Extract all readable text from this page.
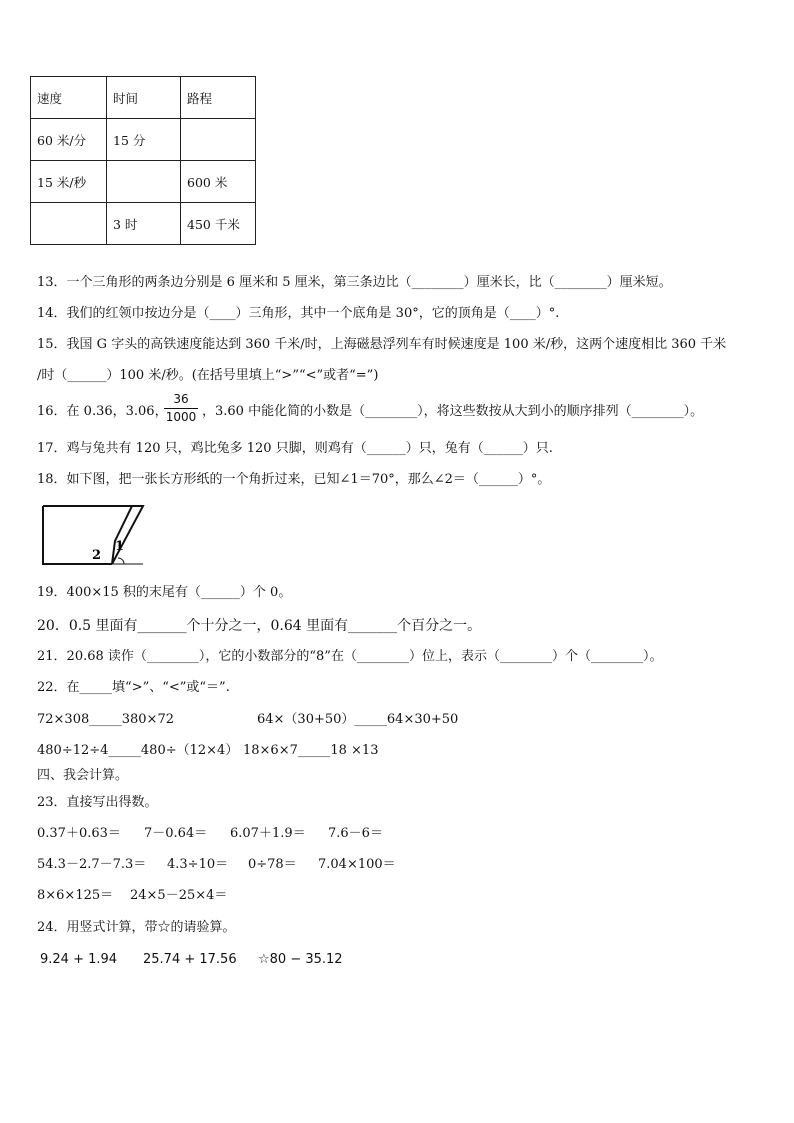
速度	时间	路程
60 米/分	15 分	
15 米/秒		600 米
	3 时	450 千米
13．一个三角形的两条边分别是 6 厘米和 5 厘米，第三条边比（________）厘米长，比（________）厘米短。
14．我们的红领巾按边分是（____）三角形，其中一个底角是 30°，它的顶角是（____）°.
15．我国 G 字头的高铁速度能达到 360 千米/时，上海磁悬浮列车有时候速度是 100 米/秒，这两个速度相比 360 千米
/时（______）100 米/秒。(在括号里填上“>”“<”或者“=”)
16．在 0.36，3.06，
36
1000 ，3.60 中能化简的小数是（________），将这些数按从大到小的顺序排列（________）。
17．鸡与兔共有 120 只，鸡比兔多 120 只脚，则鸡有（______）只，兔有（______）只.
18．如下图，把一张长方形纸的一个角折过来，已知∠1＝70°，那么∠2＝（______）°。
1
2
19．400×15 积的末尾有（______）个 0。
20．0.5 里面有_______个十分之一，0.64 里面有_______个百分之一。
21．20.68 读作（________），它的小数部分的“8”在（________）位上，表示（________）个（________）。
22．在_____填“>”、“<”或“＝”.
72×308_____380×72	64×（30+50）_____64×30+50
480÷12÷4_____480÷（12×4） 18×6×7_____18 ×13
四、我会计算。
23．直接写出得数。
0.37＋0.63＝ 7－0.64＝ 6.07＋1.9＝ 7.6－6＝
54.3－2.7－7.3＝ 4.3÷10＝ 0÷78＝ 7.04×100＝
8×6×125＝ 24×5－25×4＝
24．用竖式计算，带☆的请验算。
9.24 + 1.94 25.74 + 17.56 ☆80 − 35.12
